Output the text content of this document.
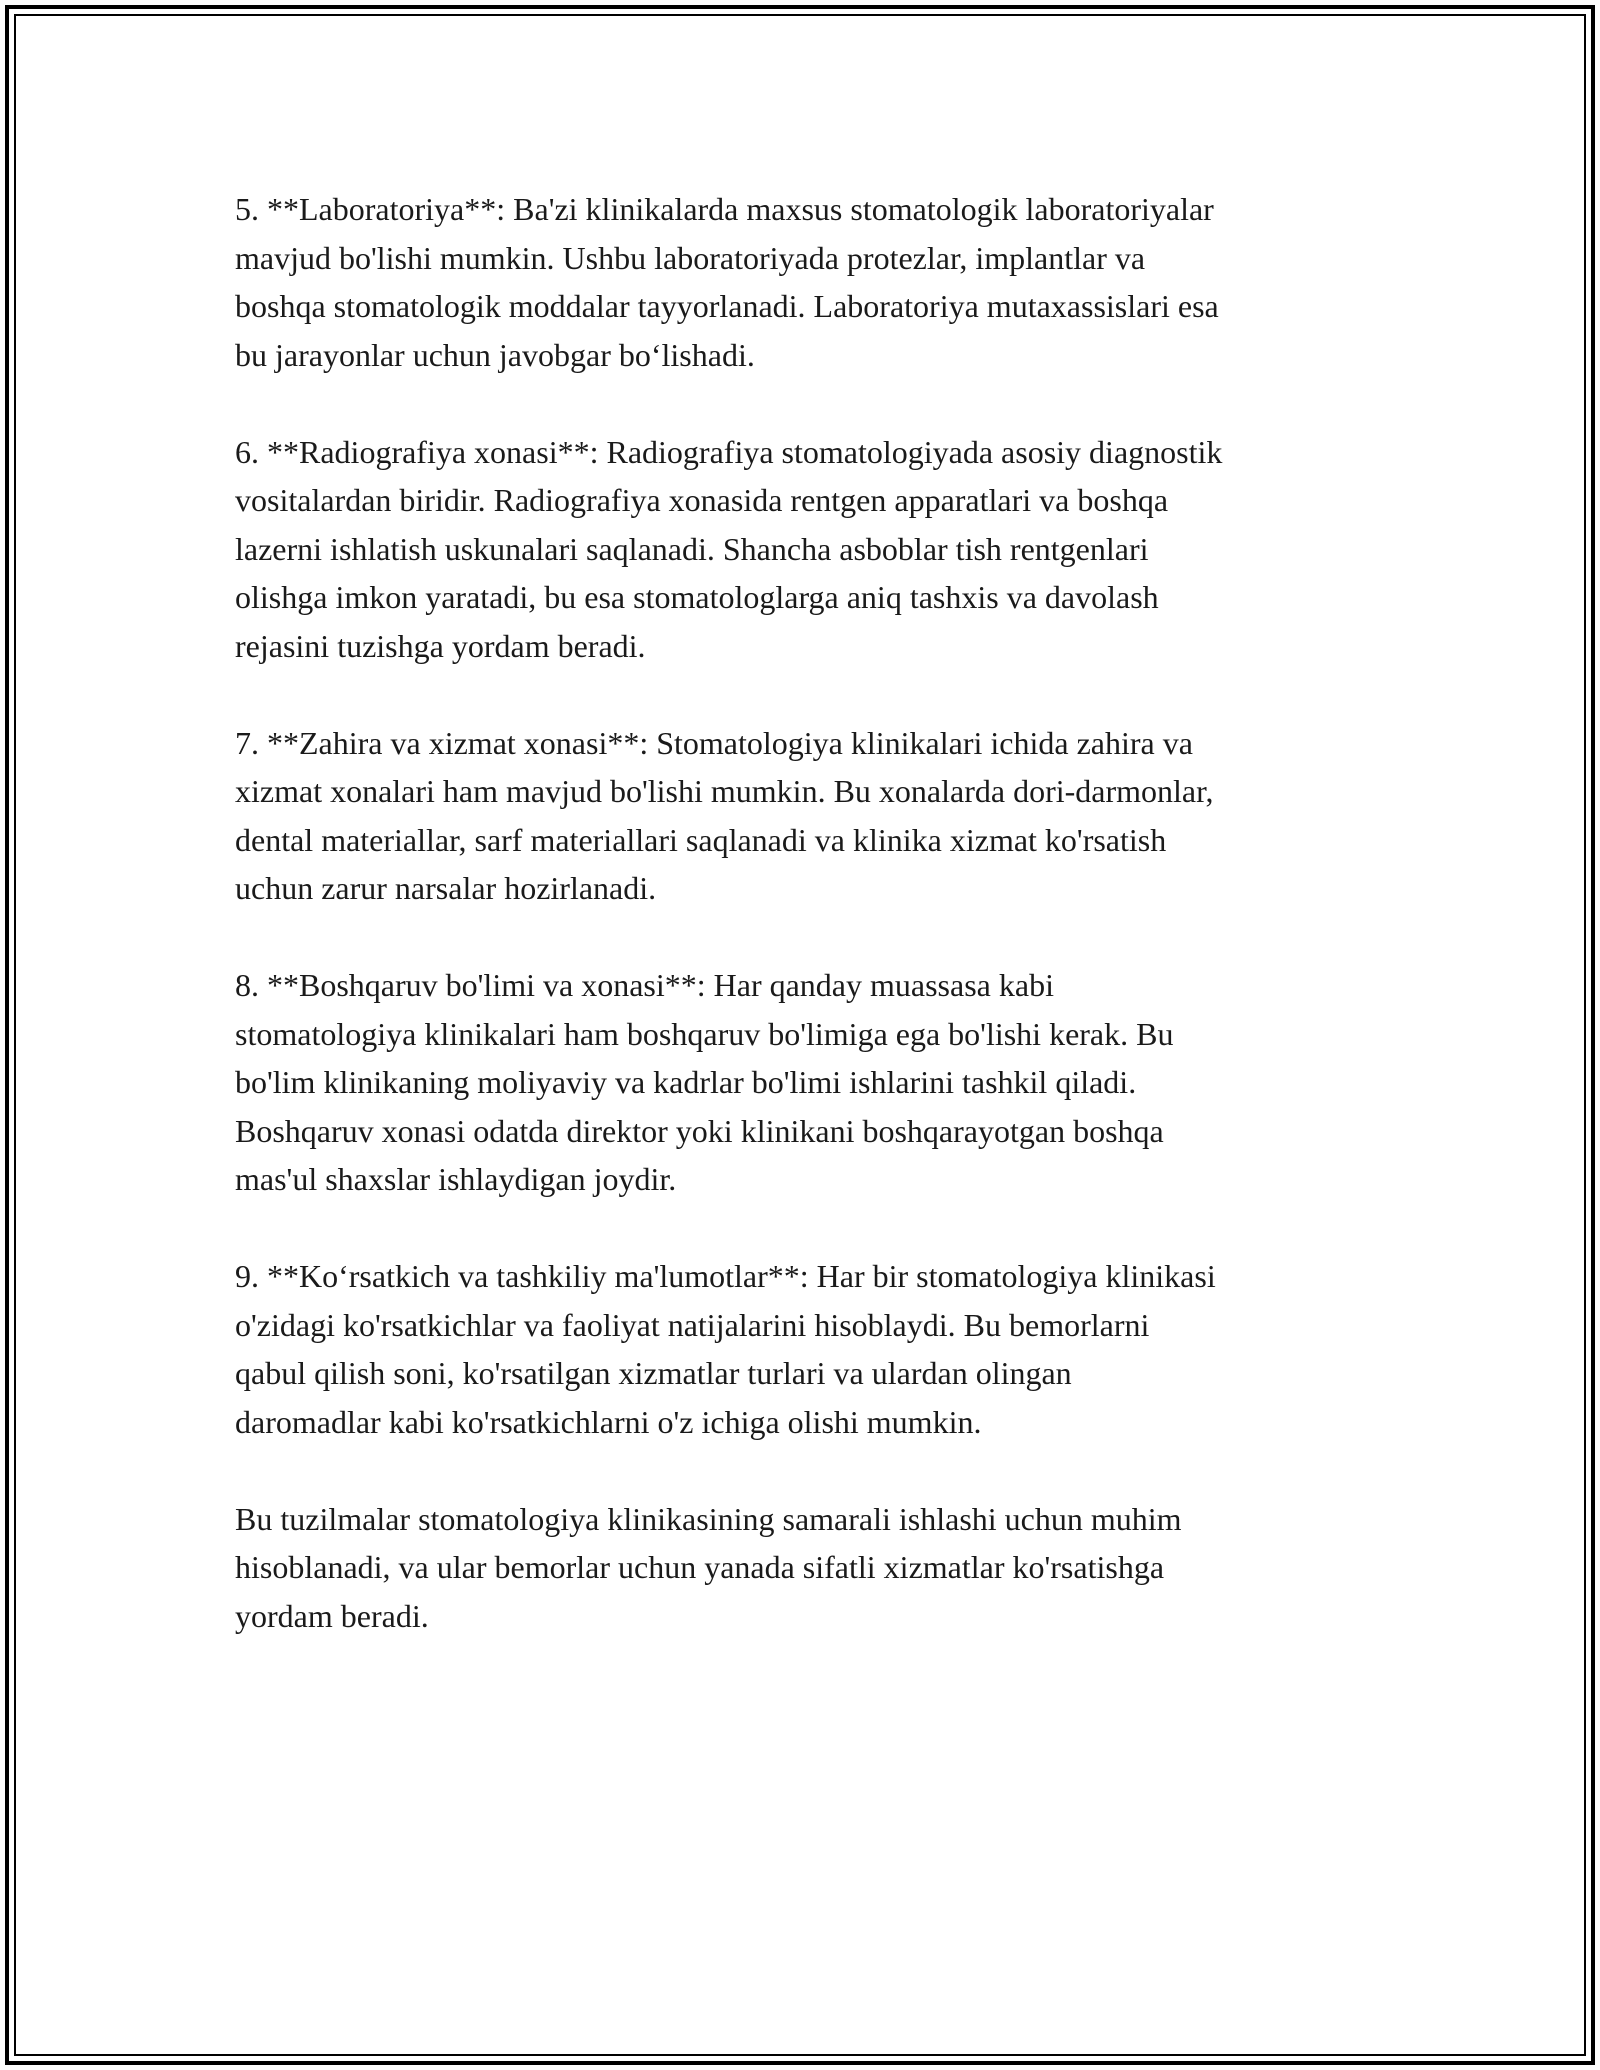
5. **Laboratoriya**: Ba'zi klinikalarda maxsus stomatologik laboratoriyalar
mavjud bo'lishi mumkin. Ushbu laboratoriyada protezlar, implantlar va
boshqa stomatologik moddalar tayyorlanadi. Laboratoriya mutaxassislari esa
bu jarayonlar uchun javobgar bo‘lishadi.

6. **Radiografiya xonasi**: Radiografiya stomatologiyada asosiy diagnostik
vositalardan biridir. Radiografiya xonasida rentgen apparatlari va boshqa
lazerni ishlatish uskunalari saqlanadi. Shancha asboblar tish rentgenlari
olishga imkon yaratadi, bu esa stomatologlarga aniq tashxis va davolash
rejasini tuzishga yordam beradi.

7. **Zahira va xizmat xonasi**: Stomatologiya klinikalari ichida zahira va
xizmat xonalari ham mavjud bo'lishi mumkin. Bu xonalarda dori-darmonlar,
dental materiallar, sarf materiallari saqlanadi va klinika xizmat ko'rsatish
uchun zarur narsalar hozirlanadi.

8. **Boshqaruv bo'limi va xonasi**: Har qanday muassasa kabi
stomatologiya klinikalari ham boshqaruv bo'limiga ega bo'lishi kerak. Bu
bo'lim klinikaning moliyaviy va kadrlar bo'limi ishlarini tashkil qiladi.
Boshqaruv xonasi odatda direktor yoki klinikani boshqarayotgan boshqa
mas'ul shaxslar ishlaydigan joydir.

9. **Ko‘rsatkich va tashkiliy ma'lumotlar**: Har bir stomatologiya klinikasi
o'zidagi ko'rsatkichlar va faoliyat natijalarini hisoblaydi. Bu bemorlarni
qabul qilish soni, ko'rsatilgan xizmatlar turlari va ulardan olingan
daromadlar kabi ko'rsatkichlarni o'z ichiga olishi mumkin.

Bu tuzilmalar stomatologiya klinikasining samarali ishlashi uchun muhim
hisoblanadi, va ular bemorlar uchun yanada sifatli xizmatlar ko'rsatishga
yordam beradi.
